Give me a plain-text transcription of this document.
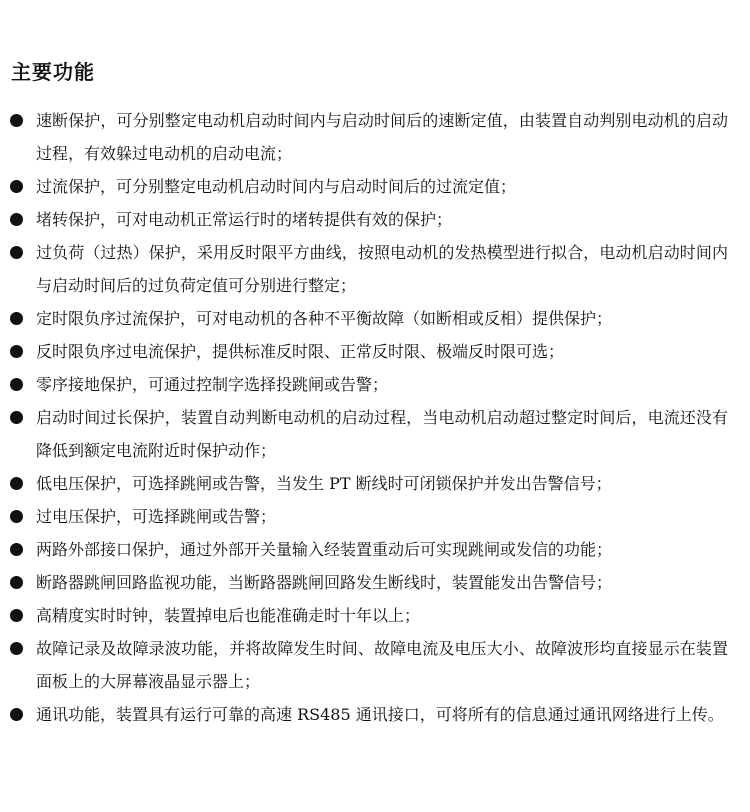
主要功能
速断保护，可分别整定电动机启动时间内与启动时间后的速断定值，由装置自动判别电动机的启动过程，有效躲过电动机的启动电流；
过流保护，可分别整定电动机启动时间内与启动时间后的过流定值；
堵转保护，可对电动机正常运行时的堵转提供有效的保护；
过负荷（过热）保护，采用反时限平方曲线，按照电动机的发热模型进行拟合，电动机启动时间内与启动时间后的过负荷定值可分别进行整定；
定时限负序过流保护，可对电动机的各种不平衡故障（如断相或反相）提供保护；
反时限负序过电流保护，提供标准反时限、正常反时限、极端反时限可选；
零序接地保护，可通过控制字选择投跳闸或告警；
启动时间过长保护，装置自动判断电动机的启动过程，当电动机启动超过整定时间后，电流还没有降低到额定电流附近时保护动作；
低电压保护，可选择跳闸或告警，当发生 PT 断线时可闭锁保护并发出告警信号；
过电压保护，可选择跳闸或告警；
两路外部接口保护，通过外部开关量输入经装置重动后可实现跳闸或发信的功能；
断路器跳闸回路监视功能，当断路器跳闸回路发生断线时，装置能发出告警信号；
高精度实时时钟，装置掉电后也能准确走时十年以上；
故障记录及故障录波功能，并将故障发生时间、故障电流及电压大小、故障波形均直接显示在装置面板上的大屏幕液晶显示器上；
通讯功能，装置具有运行可靠的高速 RS485 通讯接口，可将所有的信息通过通讯网络进行上传。
